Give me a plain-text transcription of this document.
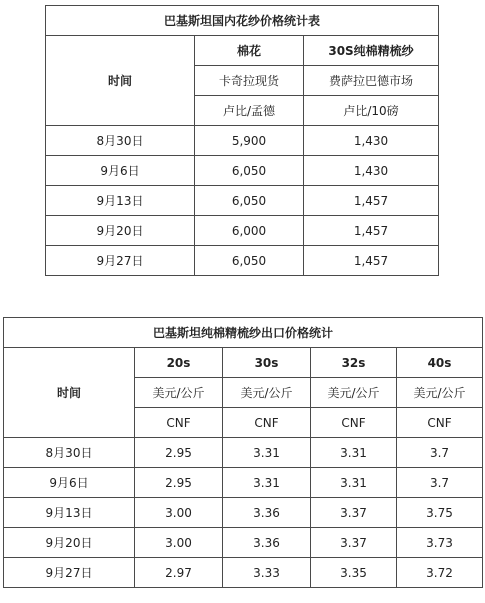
巴基斯坦国内花纱价格统计表		
时间	棉花	30S纯棉精梳纱
	卡奇拉现货	费萨拉巴德市场
	卢比/孟德	卢比/10磅
8月30日	5,900	1,430
9月6日	6,050	1,430
9月13日	6,050	1,457
9月20日	6,000	1,457
9月27日	6,050	1,457
巴基斯坦纯棉精梳纱出口价格统计				
时间	20s	30s	32s	40s
	美元/公斤	美元/公斤	美元/公斤	美元/公斤
	CNF	CNF	CNF	CNF
8月30日	2.95	3.31	3.31	3.7
9月6日	2.95	3.31	3.31	3.7
9月13日	3.00	3.36	3.37	3.75
9月20日	3.00	3.36	3.37	3.73
9月27日	2.97	3.33	3.35	3.72
